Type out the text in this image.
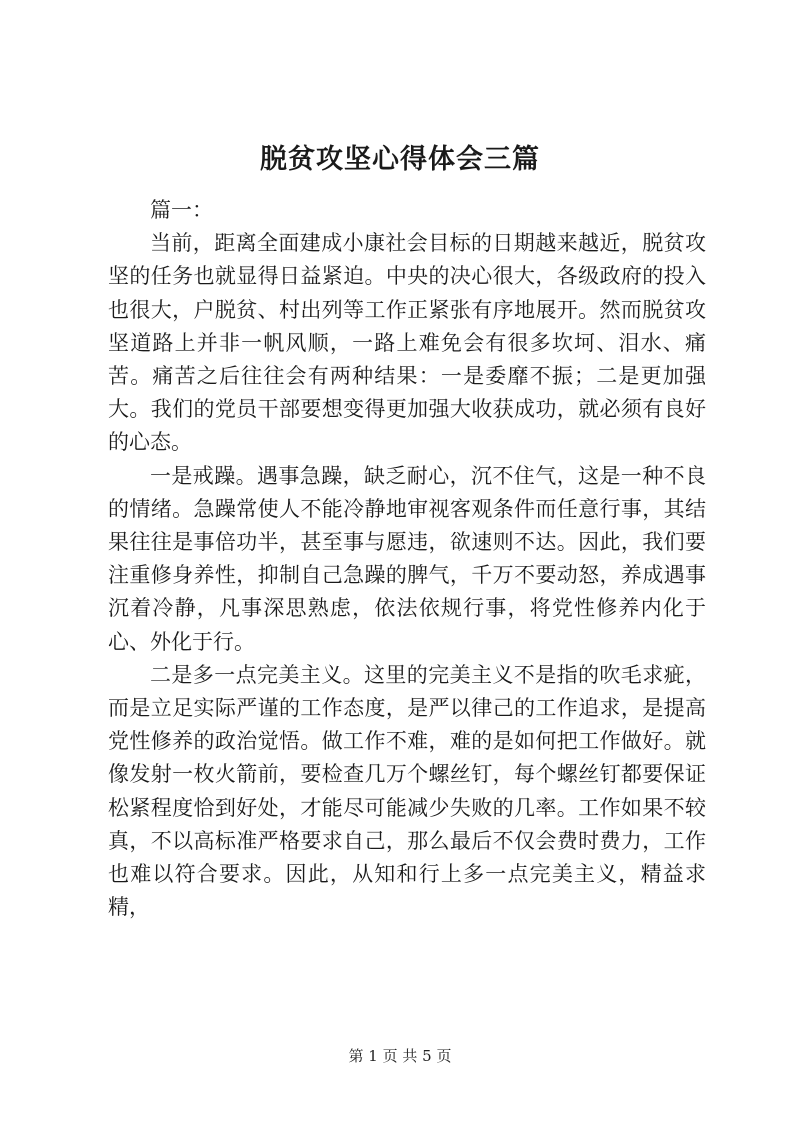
脱贫攻坚心得体会三篇

篇一：

当前，距离全面建成小康社会目标的日期越来越近，脱贫攻坚的任务也就显得日益紧迫。中央的决心很大，各级政府的投入也很大，户脱贫、村出列等工作正紧张有序地展开。然而脱贫攻坚道路上并非一帆风顺，一路上难免会有很多坎坷、泪水、痛苦。痛苦之后往往会有两种结果：一是委靡不振；二是更加强大。我们的党员干部要想变得更加强大收获成功，就必须有良好的心态。

一是戒躁。遇事急躁，缺乏耐心，沉不住气，这是一种不良的情绪。急躁常使人不能冷静地审视客观条件而任意行事，其结果往往是事倍功半，甚至事与愿违，欲速则不达。因此，我们要注重修身养性，抑制自己急躁的脾气，千万不要动怒，养成遇事沉着冷静，凡事深思熟虑，依法依规行事，将党性修养内化于心、外化于行。

二是多一点完美主义。这里的完美主义不是指的吹毛求疵，而是立足实际严谨的工作态度，是严以律己的工作追求，是提高党性修养的政治觉悟。做工作不难，难的是如何把工作做好。就像发射一枚火箭前，要检查几万个螺丝钉，每个螺丝钉都要保证松紧程度恰到好处，才能尽可能减少失败的几率。工作如果不较真，不以高标准严格要求自己，那么最后不仅会费时费力，工作也难以符合要求。因此，从知和行上多一点完美主义，精益求精，

第 1 页 共 5 页
